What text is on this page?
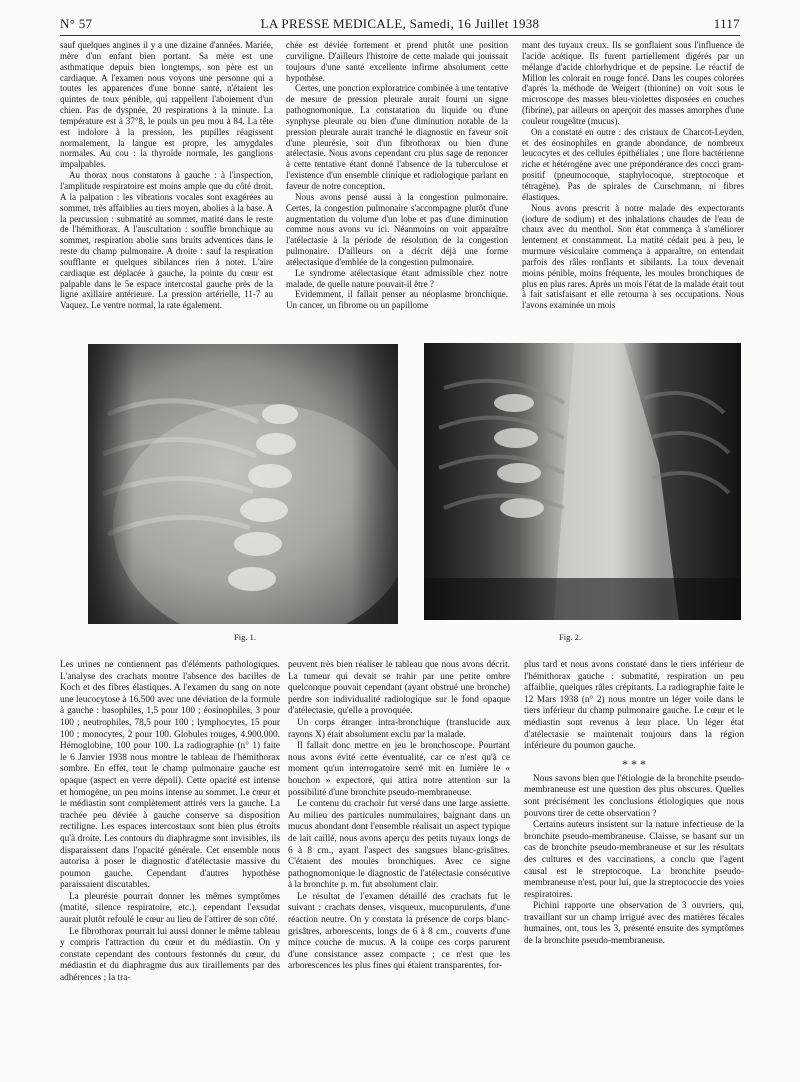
N° 57	LA PRESSE MEDICALE, Samedi, 16 Juillet 1938	1117

sauf quelques angines il y a une dizaine d'années. Mariée, mère d'un enfant bien portant. Sa mère est une asthmatique depuis bien longtemps, son père est un cardiaque. A l'examen nous voyons une personne qui a toutes les apparences d'une bonne santé, n'étaient les quintes de toux pénible, qui rappellent l'aboiement d'un chien. Pas de dyspnée, 20 respirations à la minute. La température est à 37°8, le pouls un peu mou à 84. La tête est indolore à la pression, les pupilles réagissent normalement, la langue est propre, les amygdales normales. Au cou : la thyroïde normale, les ganglions impalpables.

Au thorax nous constatons à gauche : à l'inspection, l'amplitude respiratoire est moins ample que du côté droit. A la palpation : les vibrations vocales sont exagérées au sommet, très affaiblies au tiers moyen, abolies à la base. A la percussion : submatité au sommet, matité dans le reste de l'hémithorax. A l'auscultation : souffle bronchique au sommet, respiration abolie sans bruits adventices dans le reste du champ pulmonaire. A droite : sauf la respiration soufflante et quelques sibilances rien à noter. L'aire cardiaque est déplacée à gauche, la pointe du cœur est palpable dans le 5e espace intercostal gauche près de la ligne axillaire antérieure. La pression artérielle, 11-7 au Vaquez. Le ventre normal, la rate également.

chée est déviée fortement et prend plutôt une position curviligne. D'ailleurs l'histoire de cette malade qui jouissait toujours d'une santé excellente infirme absolument cette hypothèse.

Certes, une ponction exploratrice combinée à une tentative de mesure de pression pleurale aurait fourni un signe pathognomonique. La constatation du liquide ou d'une synphyse pleurale ou bien d'une diminution notable de la pression pleurale aurait tranché le diagnostic en faveur soit d'une pleurésie, soit d'un fibrothorax ou bien d'une atélectasie. Nous avons cependant cru plus sage de renoncer à cette tentative étant donné l'absence de la tuberculose et l'existence d'un ensemble clinique et radiologique parlant en faveur de notre conception.

Nous avons pensé aussi à la congestion pulmonaire. Certes, la congestion pulmonaire s'accompagne plutôt d'une augmentation du volume d'un lobe et pas d'une diminution comme nous avons vu ici. Néanmoins on voit apparaître l'atélectasie à la période de résolution de la congestion pulmonaire. D'ailleurs on a décrit déjà une forme atélectasique d'emblée de la congestion pulmonaire.

Le syndrome atélectasique étant admissible chez notre malade, de quelle nature pouvait-il être ?

Evidemment, il fallait penser au néoplasme bronchique. Un cancer, un fibrome ou un papillome

mant des tuyaux creux. Ils se gonflaient sous l'influence de l'acide acétique. Ils furent partiellement digérés par un mélange d'acide chlorhydrique et de pepsine. Le réactif de Millon les colorait en rouge foncé. Dans les coupes colorées d'après la méthode de Weigert (thionine) on voit sous le microscope des masses bleu-violettes disposées en couches (fibrine), par ailleurs on aperçoit des masses amorphes d'une couleur rougeâtre (mucus).

On a constaté en outre : des cristaux de Charcot-Leyden, et des éosinophiles en grande abondance, de nombreux leucocytes et des cellules épithéliales ; une flore bactérienne riche et hétérogène avec une prépondérance des cocci gram-positif (pneumocoque, staphylocoque, streptocoque et tétragène). Pas de spirales de Curschmann, ni fibres élastiques.

Nous avons prescrit à notre malade des expectorants (iodure de sodium) et des inhalations chaudes de l'eau de chaux avec du menthol. Son état commença à s'améliorer lentement et constamment. La matité cédait peu à peu, le murmure vésiculaire commença à apparaître, on entendait parfois des râles ronflants et sibilants. La toux devenait moins pénible, moins fréquente, les moules bronchiques de plus en plus rares. Après un mois l'état de la malade était tout à fait satisfaisant et elle retourna à ses occupations. Nous l'avons examinée un mois

Fig. 1.	Fig. 2.

Les urines ne contiennent pas d'éléments pathologiques. L'analyse des crachats montre l'absence des bacilles de Koch et des fibres élastiques. A l'examen du sang on note une leucocytose à 16.500 avec une déviation de la formule à gauche : basophiles, 1,5 pour 100 ; éosinophiles, 3 pour 100 ; neutrophiles, 78,5 pour 100 ; lymphocytes, 15 pour 100 ; monocytes, 2 pour 100. Globules rouges, 4.900.000. Hémoglobine, 100 pour 100. La radiographie (n° 1) faite le 6 Janvier 1938 nous montre le tableau de l'hémithorax sombre. En effet, tout le champ pulmonaire gauche est opaque (aspect en verre dépoli). Cette opacité est intense et homogène, un peu moins intense au sommet. Le cœur et le médiastin sont complètement attirés vers la gauche. La trachée peu déviée à gauche conserve sa disposition rectiligne. Les espaces intercostaux sont bien plus étroits qu'à droite. Les contours du diaphragme sont invisibles, ils disparaissent dans l'opacité générale. Cet ensemble nous autorisa à poser le diagnostic d'atélectasie massive du poumon gauche. Cependant d'autres hypothèse paraissaient discutables.

La pleurésie pourrait donner les mêmes symptômes (matité, silence respiratoire, etc.), cependant l'exsudat aurait plutôt refoulé le cœur au lieu de l'attirer de son côté.

Le fibrothorax pourrait lui aussi donner le même tableau y compris l'attraction du cœur et du médiastin. On y constate cependant des contours festonnés du cœur, du médiastin et du diaphragme dus aux tiraillements par des adhérences ; la tra-

peuvent très bien réaliser le tableau que nous avons décrit. La tumeur qui devait se trahir par une petite ombre quelconque pouvait cependant (ayant obstrué une bronche) perdre son individualité radiologique sur le fond opaque d'atélectasie, qu'elle a provoquée.

Un corps étranger intra-bronchique (translucide aux rayons X) était absolument exclu par la malade.

Il fallait donc mettre en jeu le bronchoscope. Pourtant nous avons évité cette éventualité, car ce n'est qu'à ce moment qu'un interrogatoire serré mit en lumière le « bouchon » expectoré, qui attira notre attention sur la possibilité d'une bronchite pseudo-membraneuse.

Le contenu du crachoir fut versé dans une large assiette. Au milieu des particules nummulaires, baignant dans un mucus abondant dont l'ensemble réalisait un aspect typique de lait caillé, nous avons aperçu des petits tuyaux longs de 6 à 8 cm., ayant l'aspect des sangsues blanc-grisâtres. C'étaient des moules bronchiques. Avec ce signe pathognomonique le diagnostic de l'atélectasie consécutive à la bronchite p. m. fut absolument clair.

Le résultat de l'examen détaillé des crachats fut le suivant : crachats denses, visqueux, mucopurulents, d'une réaction neutre. On y constata la présence de corps blanc-grisâtres, arborescents, longs de 6 à 8 cm., couverts d'une mince couche de mucus. A la coupe ces corps parurent d'une consistance assez compacte ; ce n'est que les arborescences les plus fines qui étaient transparentes, for-

plus tard et nous avons constaté dans le tiers inférieur de l'hémithorax gauche : submatité, respiration un peu affaiblie, quelques râles crépitants. La radiographie faite le 12 Mars 1938 (n° 2) nous montre un léger voile dans le tiers inférieur du champ pulmonaire gauche. Le cœur et le médiastin sont revenus à leur place. Un léger état d'atélectasie se maintenait toujours dans la région inférieure du poumon gauche.

* * *

Nous savons bien que l'étiologie de la bronchite pseudo-membraneuse est une question des plus obscures. Quelles sont précisément les conclusions étiologiques que nous pouvons tirer de cette observation ?

Certains auteurs insistent sur la nature infectieuse de la bronchite pseudo-membraneuse. Claisse, se basant sur un cas de bronchite pseudo-membraneuse et sur les résultats des cultures et des vaccinations, a conclu que l'agent causal est le streptocoque. La bronchite pseudo-membraneuse n'est, pour lui, que la streptococcie des voies respiratoires.

Pichini rapporte une observation de 3 ouvriers, qui, travaillant sur un champ irrigué avec des matières fécales humaines, ont, tous les 3, présenté ensuite des symptômes de la bronchite pseudo-membraneuse.
